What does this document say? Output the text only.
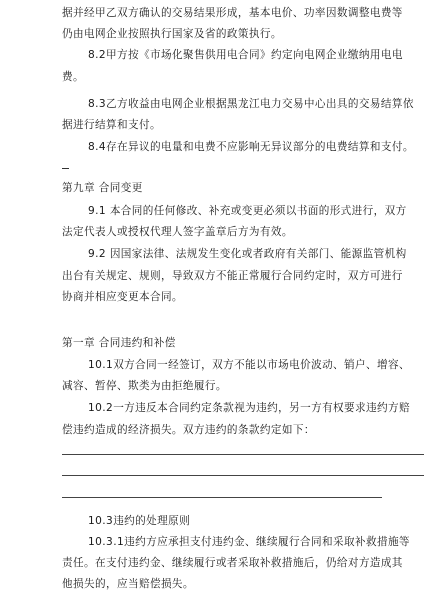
据并经甲乙双方确认的交易结果形成，基本电价、功率因数调整电费等
仍由电网企业按照执行国家及省的政策执行。
8.2甲方按《市场化聚售供用电合同》约定向电网企业缴纳用电电
费。
8.3乙方收益由电网企业根据黑龙江电力交易中心出具的交易结算依
据进行结算和支付。
8.4存在异议的电量和电费不应影响无异议部分的电费结算和支付。
第九章 合同变更
9.1 本合同的任何修改、补充或变更必须以书面的形式进行，双方
法定代表人或授权代理人签字盖章后方为有效。
9.2 因国家法律、法规发生变化或者政府有关部门、能源监管机构
出台有关规定、规则，导致双方不能正常履行合同约定时，双方可进行
协商并相应变更本合同。
第一章 合同违约和补偿
10.1双方合同一经签订，双方不能以市场电价波动、销户、增容、
减容、暂停、欺类为由拒绝履行。
10.2一方违反本合同约定条款视为违约，另一方有权要求违约方赔
偿违约造成的经济损失。双方违约的条款约定如下：
10.3违约的处理原则
10.3.1违约方应承担支付违约金、继续履行合同和采取补救措施等
责任。在支付违约金、继续履行或者采取补救措施后，仍给对方造成其
他损失的，应当赔偿损失。
